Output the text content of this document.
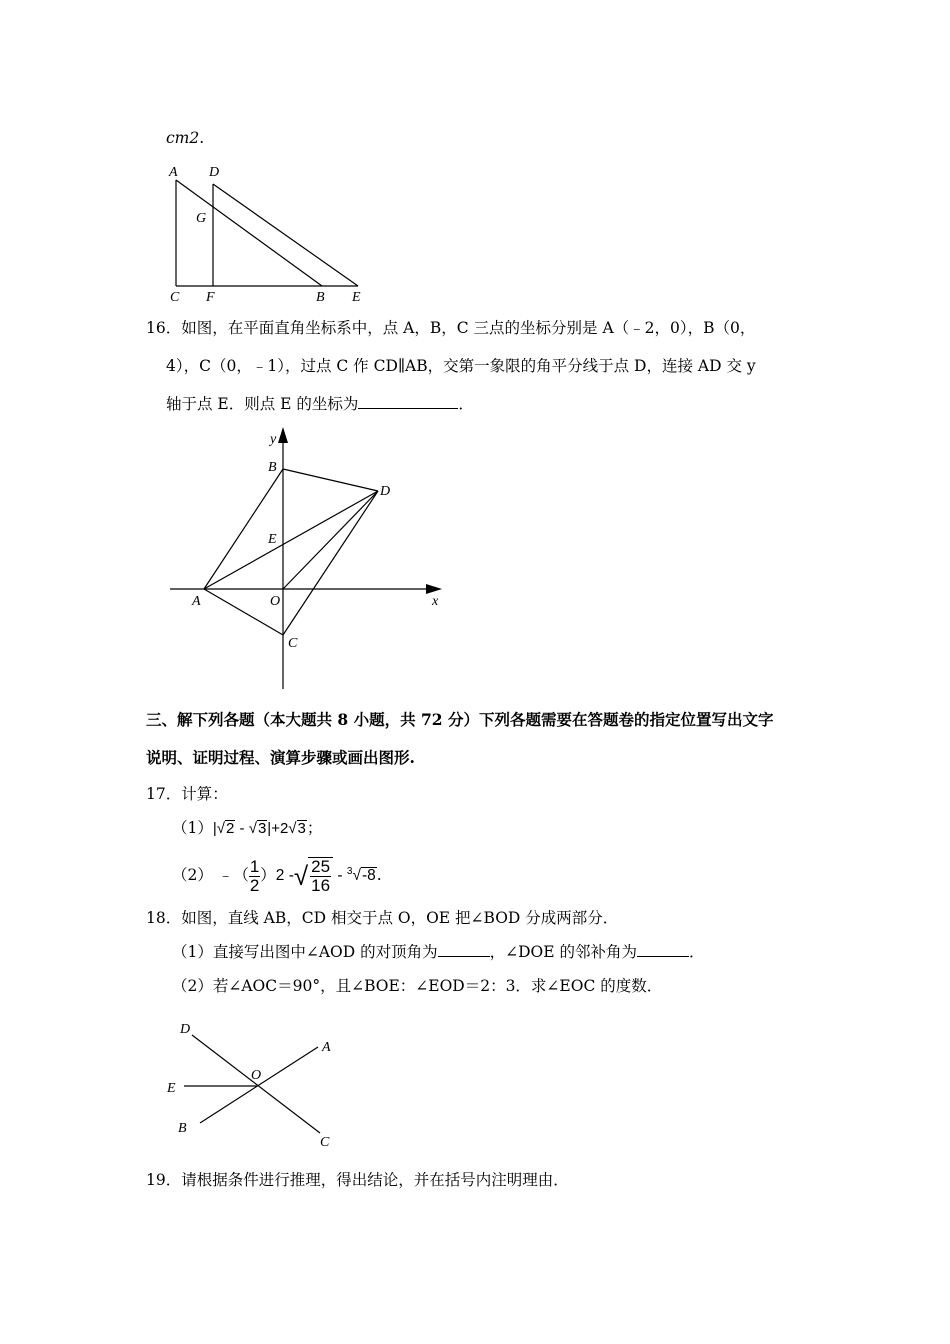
cm2.
A D
G
C F	B E
16．如图，在平面直角坐标系中，点 A，B，C 三点的坐标分别是 A（﹣2，0），B（0，
4），C（0，﹣1），过点 C 作 CD∥AB，交第一象限的角平分线于点 D，连接 AD 交 y
轴于点 E．则点 E 的坐标为	．
y
B
D
E
A	O	x
C
三、解下列各题（本大题共 8 小题，共 72 分）下列各题需要在答题卷的指定位置写出文字
说明、证明过程、演算步骤或画出图形.
17．计算：
（1）|√2 - √3|+2√3；
（2） ﹣（ $\frac{1}{2} )2$ -√ $\frac{25}{16} - ^3√-8$.
18．如图，直线 AB，CD 相交于点 O，OE 把∠BOD 分成两部分．
（1）直接写出图中∠AOD 的对顶角为	，∠DOE 的邻补角为	．
（2）若∠AOC＝90°，且∠BOE：∠EOD＝2：3．求∠EOC 的度数．
D
A
O
E
B
C
19．请根据条件进行推理，得出结论，并在括号内注明理由．
